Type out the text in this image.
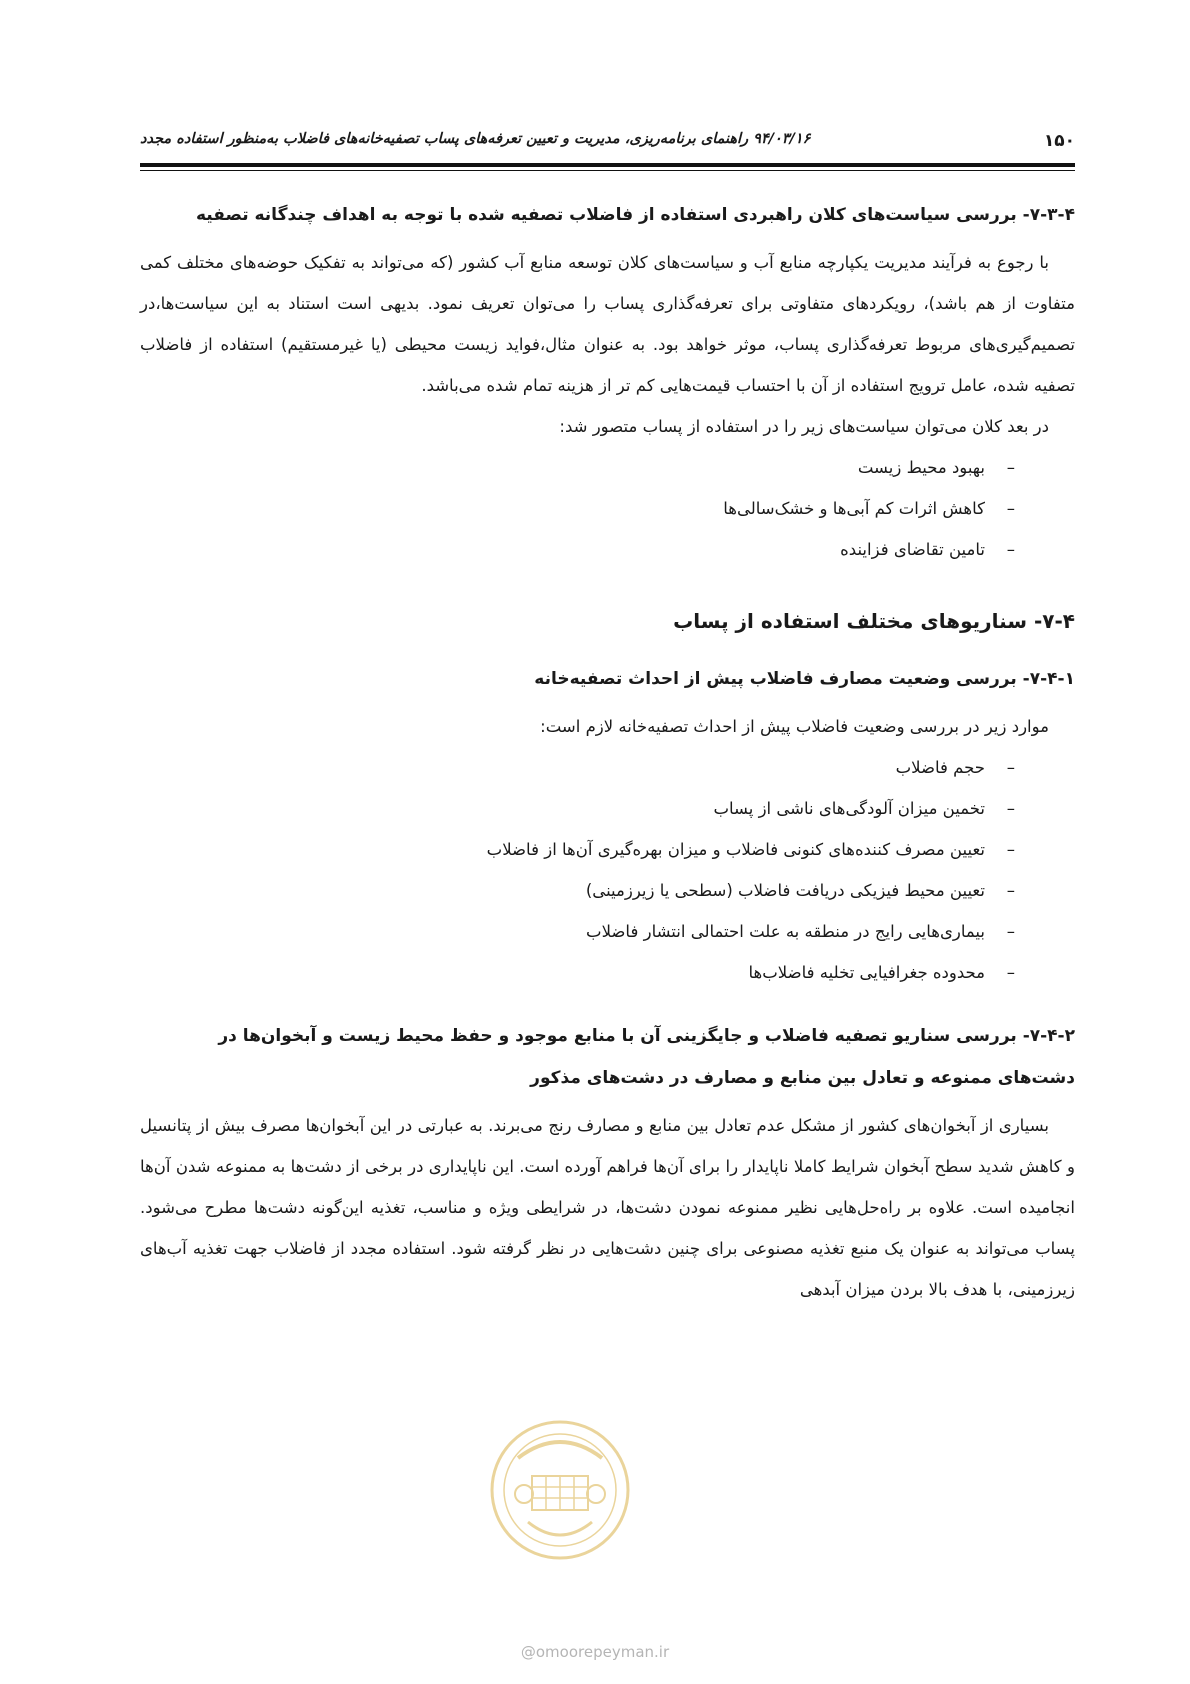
۱۵۰
۹۴/۰۳/۱۶ راهنمای برنامه‌ریزی، مدیریت و تعیین تعرفه‌های پساب تصفیه‌خانه‌های فاضلاب به‌منظور استفاده مجدد
۷-۳-۴- بررسی سیاست‌های کلان راهبردی استفاده از فاضلاب تصفیه شده با توجه به اهداف چندگانه تصفیه

با رجوع به فرآیند مدیریت یکپارچه منابع آب و سیاست‌های کلان توسعه منابع آب کشور (که می‌تواند به تفکیک حوضه‌های مختلف کمی متفاوت از هم باشد)، رویکردهای متفاوتی برای تعرفه‌گذاری پساب را می‌توان تعریف نمود. بدیهی است استناد به این سیاست‌ها،در تصمیم‌گیری‌های مربوط تعرفه‌گذاری پساب، موثر خواهد بود. به عنوان مثال،فواید زیست محیطی (یا غیرمستقیم) استفاده از فاضلاب تصفیه شده، عامل ترویج استفاده از آن با احتساب قیمت‌هایی کم تر از هزینه تمام شده می‌باشد.

در بعد کلان می‌توان سیاست‌های زیر را در استفاده از پساب متصور شد:

–
بهبود محیط زیست
–
کاهش اثرات کم آبی‌ها و خشک‌سالی‌ها
–
تامین تقاضای فزاینده
۷-۴- سناریوهای مختلف استفاده از پساب
۷-۴-۱- بررسی وضعیت مصارف فاضلاب پیش از احداث تصفیه‌خانه

موارد زیر در بررسی وضعیت فاضلاب پیش از احداث تصفیه‌خانه لازم است:

–
حجم فاضلاب
–
تخمین میزان آلودگی‌های ناشی از پساب
–
تعیین مصرف کننده‌های کنونی فاضلاب و میزان بهره‌گیری آن‌ها از فاضلاب
–
تعیین محیط فیزیکی دریافت فاضلاب (سطحی یا زیرزمینی)
–
بیماری‌هایی رایج در منطقه به علت احتمالی انتشار فاضلاب
–
محدوده جغرافیایی تخلیه فاضلاب‌ها
۷-۴-۲- بررسی سناریو تصفیه فاضلاب و جایگزینی آن با منابع موجود و حفظ محیط زیست و آبخوان‌ها در دشت‌های ممنوعه و تعادل بین منابع و مصارف در دشت‌های مذکور

بسیاری از آبخوان‌های کشور از مشکل عدم تعادل بین منابع و مصارف رنج می‌برند. به عبارتی در این آبخوان‌ها مصرف بیش از پتانسیل و کاهش شدید سطح آبخوان شرایط کاملا ناپایدار را برای آن‌ها فراهم آورده است. این ناپایداری در برخی از دشت‌ها به ممنوعه شدن آن‌ها انجامیده است. علاوه بر راه‌حل‌هایی نظیر ممنوعه نمودن دشت‌ها، در شرایطی ویژه و مناسب، تغذیه این‌گونه دشت‌ها مطرح می‌شود. پساب می‌تواند به عنوان یک منبع تغذیه مصنوعی برای چنین دشت‌هایی در نظر گرفته شود. استفاده مجدد از فاضلاب جهت تغذیه آب‌های زیرزمینی، با هدف بالا بردن میزان آبدهی

@omoorepeyman.ir
